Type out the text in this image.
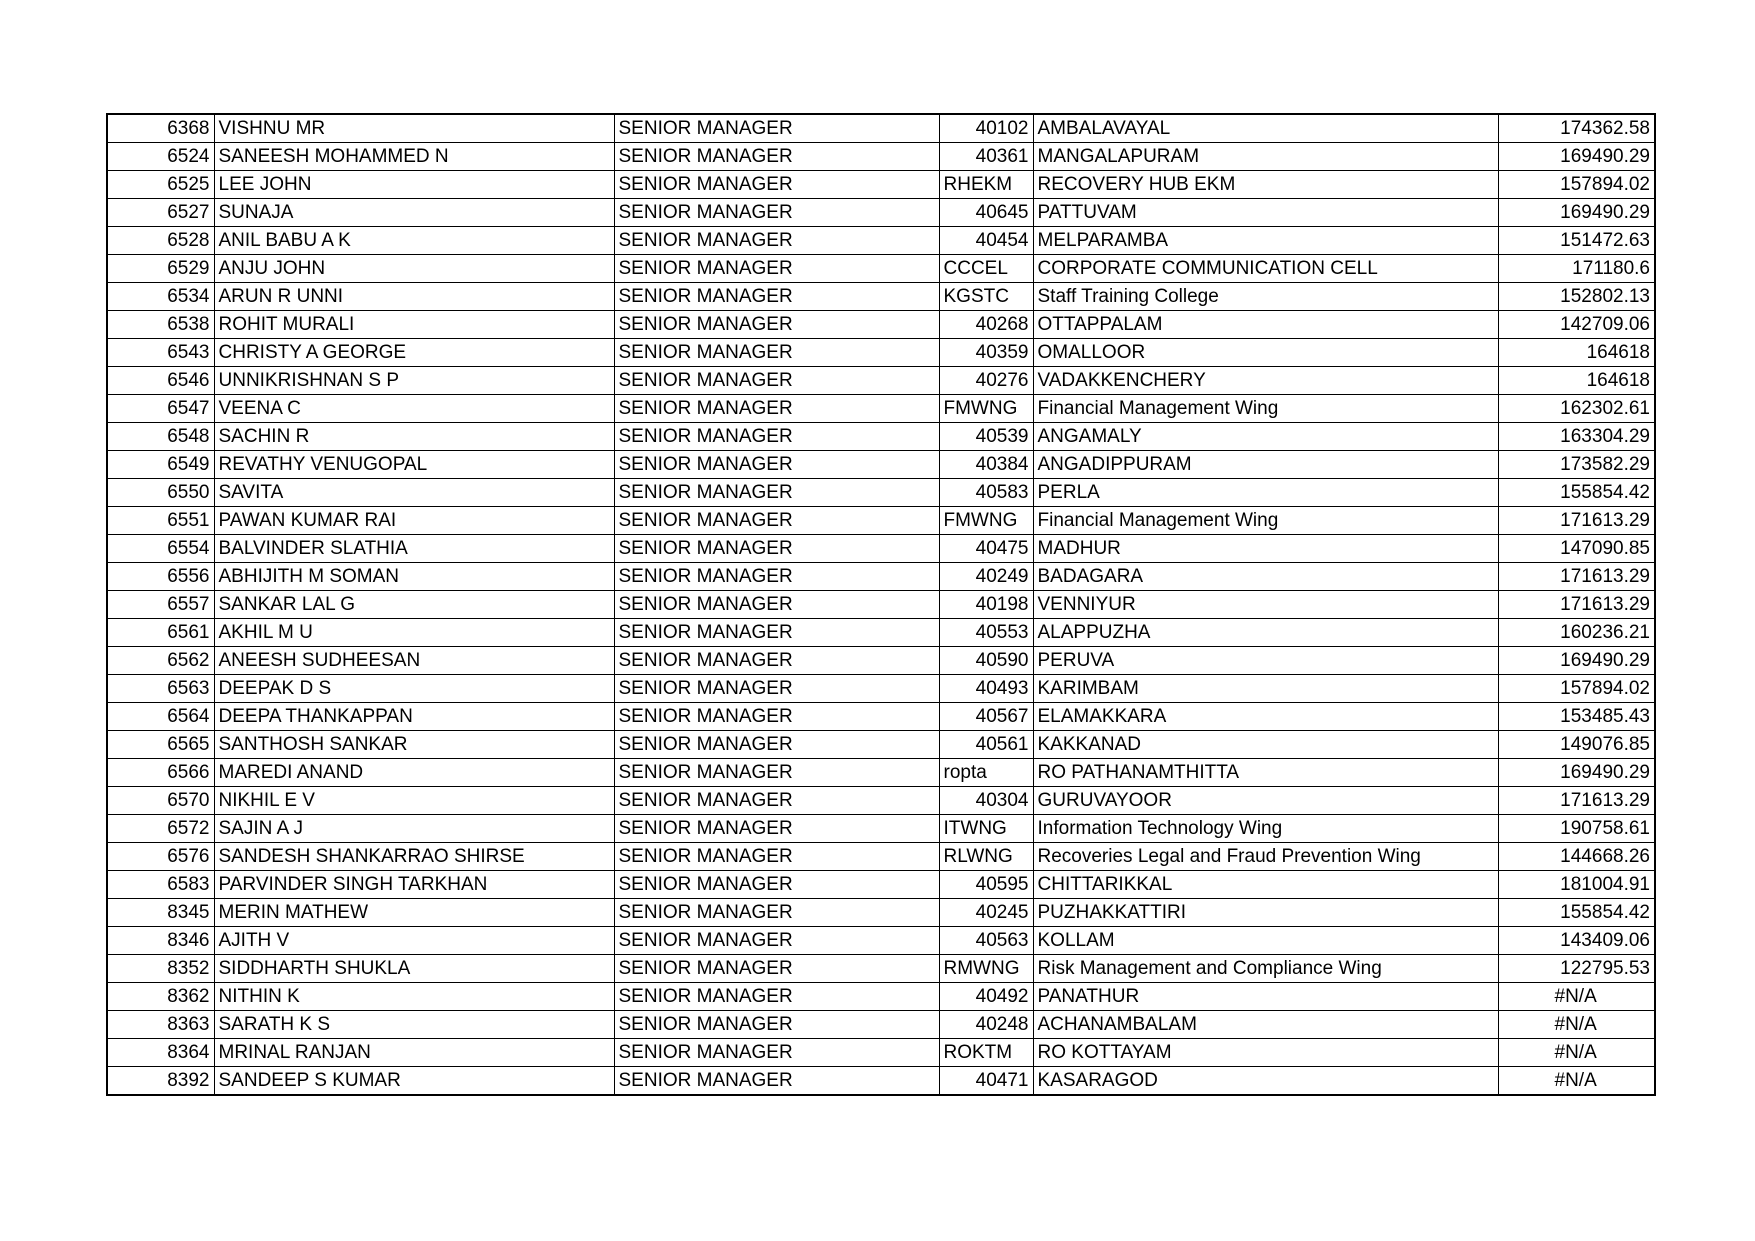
6368	VISHNU MR	SENIOR MANAGER	40102	AMBALAVAYAL	174362.58
6524	SANEESH MOHAMMED N	SENIOR MANAGER	40361	MANGALAPURAM	169490.29
6525	LEE JOHN	SENIOR MANAGER	RHEKM	RECOVERY HUB EKM	157894.02
6527	SUNAJA	SENIOR MANAGER	40645	PATTUVAM	169490.29
6528	ANIL BABU A K	SENIOR MANAGER	40454	MELPARAMBA	151472.63
6529	ANJU JOHN	SENIOR MANAGER	CCCEL	CORPORATE COMMUNICATION CELL	171180.6
6534	ARUN R UNNI	SENIOR MANAGER	KGSTC	Staff Training College	152802.13
6538	ROHIT MURALI	SENIOR MANAGER	40268	OTTAPPALAM	142709.06
6543	CHRISTY A GEORGE	SENIOR MANAGER	40359	OMALLOOR	164618
6546	UNNIKRISHNAN S P	SENIOR MANAGER	40276	VADAKKENCHERY	164618
6547	VEENA C	SENIOR MANAGER	FMWNG	Financial Management Wing	162302.61
6548	SACHIN R	SENIOR MANAGER	40539	ANGAMALY	163304.29
6549	REVATHY VENUGOPAL	SENIOR MANAGER	40384	ANGADIPPURAM	173582.29
6550	SAVITA	SENIOR MANAGER	40583	PERLA	155854.42
6551	PAWAN KUMAR RAI	SENIOR MANAGER	FMWNG	Financial Management Wing	171613.29
6554	BALVINDER SLATHIA	SENIOR MANAGER	40475	MADHUR	147090.85
6556	ABHIJITH M SOMAN	SENIOR MANAGER	40249	BADAGARA	171613.29
6557	SANKAR LAL G	SENIOR MANAGER	40198	VENNIYUR	171613.29
6561	AKHIL M U	SENIOR MANAGER	40553	ALAPPUZHA	160236.21
6562	ANEESH SUDHEESAN	SENIOR MANAGER	40590	PERUVA	169490.29
6563	DEEPAK D S	SENIOR MANAGER	40493	KARIMBAM	157894.02
6564	DEEPA THANKAPPAN	SENIOR MANAGER	40567	ELAMAKKARA	153485.43
6565	SANTHOSH SANKAR	SENIOR MANAGER	40561	KAKKANAD	149076.85
6566	MAREDI ANAND	SENIOR MANAGER	ropta	RO PATHANAMTHITTA	169490.29
6570	NIKHIL E V	SENIOR MANAGER	40304	GURUVAYOOR	171613.29
6572	SAJIN A J	SENIOR MANAGER	ITWNG	Information Technology Wing	190758.61
6576	SANDESH SHANKARRAO SHIRSE	SENIOR MANAGER	RLWNG	Recoveries Legal and Fraud Prevention Wing	144668.26
6583	PARVINDER SINGH TARKHAN	SENIOR MANAGER	40595	CHITTARIKKAL	181004.91
8345	MERIN MATHEW	SENIOR MANAGER	40245	PUZHAKKATTIRI	155854.42
8346	AJITH V	SENIOR MANAGER	40563	KOLLAM	143409.06
8352	SIDDHARTH SHUKLA	SENIOR MANAGER	RMWNG	Risk Management and Compliance Wing	122795.53
8362	NITHIN K	SENIOR MANAGER	40492	PANATHUR	#N/A
8363	SARATH K S	SENIOR MANAGER	40248	ACHANAMBALAM	#N/A
8364	MRINAL RANJAN	SENIOR MANAGER	ROKTM	RO KOTTAYAM	#N/A
8392	SANDEEP S KUMAR	SENIOR MANAGER	40471	KASARAGOD	#N/A
